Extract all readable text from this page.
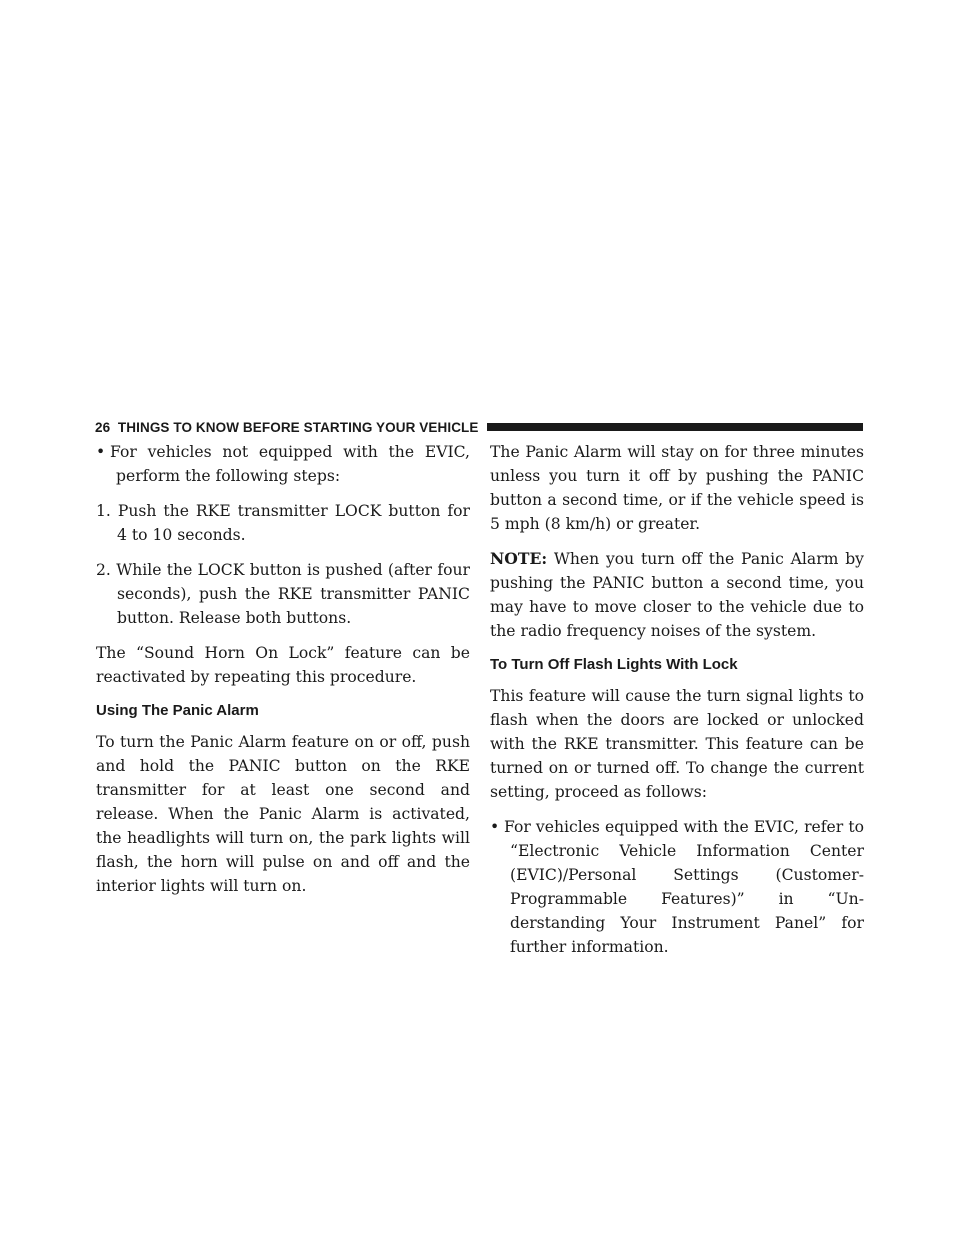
26 THINGS TO KNOW BEFORE STARTING YOUR VEHICLE

• For vehicles not equipped with the EVIC, perform the following steps:

1. Push the RKE transmitter LOCK button for 4 to 10 seconds.

2. While the LOCK button is pushed (after four seconds), push the RKE transmitter PANIC button. Release both buttons.

The “Sound Horn On Lock” feature can be reactivated by repeating this procedure.

Using The Panic Alarm

To turn the Panic Alarm feature on or off, push and hold the PANIC button on the RKE transmitter for at least one second and release. When the Panic Alarm is activated, the headlights will turn on, the park lights will flash, the horn will pulse on and off and the interior lights will turn on.

The Panic Alarm will stay on for three minutes unless you turn it off by pushing the PANIC button a second time, or if the vehicle speed is 5 mph (8 km/h) or greater.

NOTE: When you turn off the Panic Alarm by pushing the PANIC button a second time, you may have to move closer to the vehicle due to the radio frequency noises of the system.

To Turn Off Flash Lights With Lock

This feature will cause the turn signal lights to flash when the doors are locked or unlocked with the RKE transmitter. This feature can be turned on or turned off. To change the current setting, proceed as follows:

• For vehicles equipped with the EVIC, refer to “Electronic Vehicle Information Center (EVIC)/Personal Settings (Customer-Programmable Features)” in “Understanding Your Instrument Panel” for further information.
